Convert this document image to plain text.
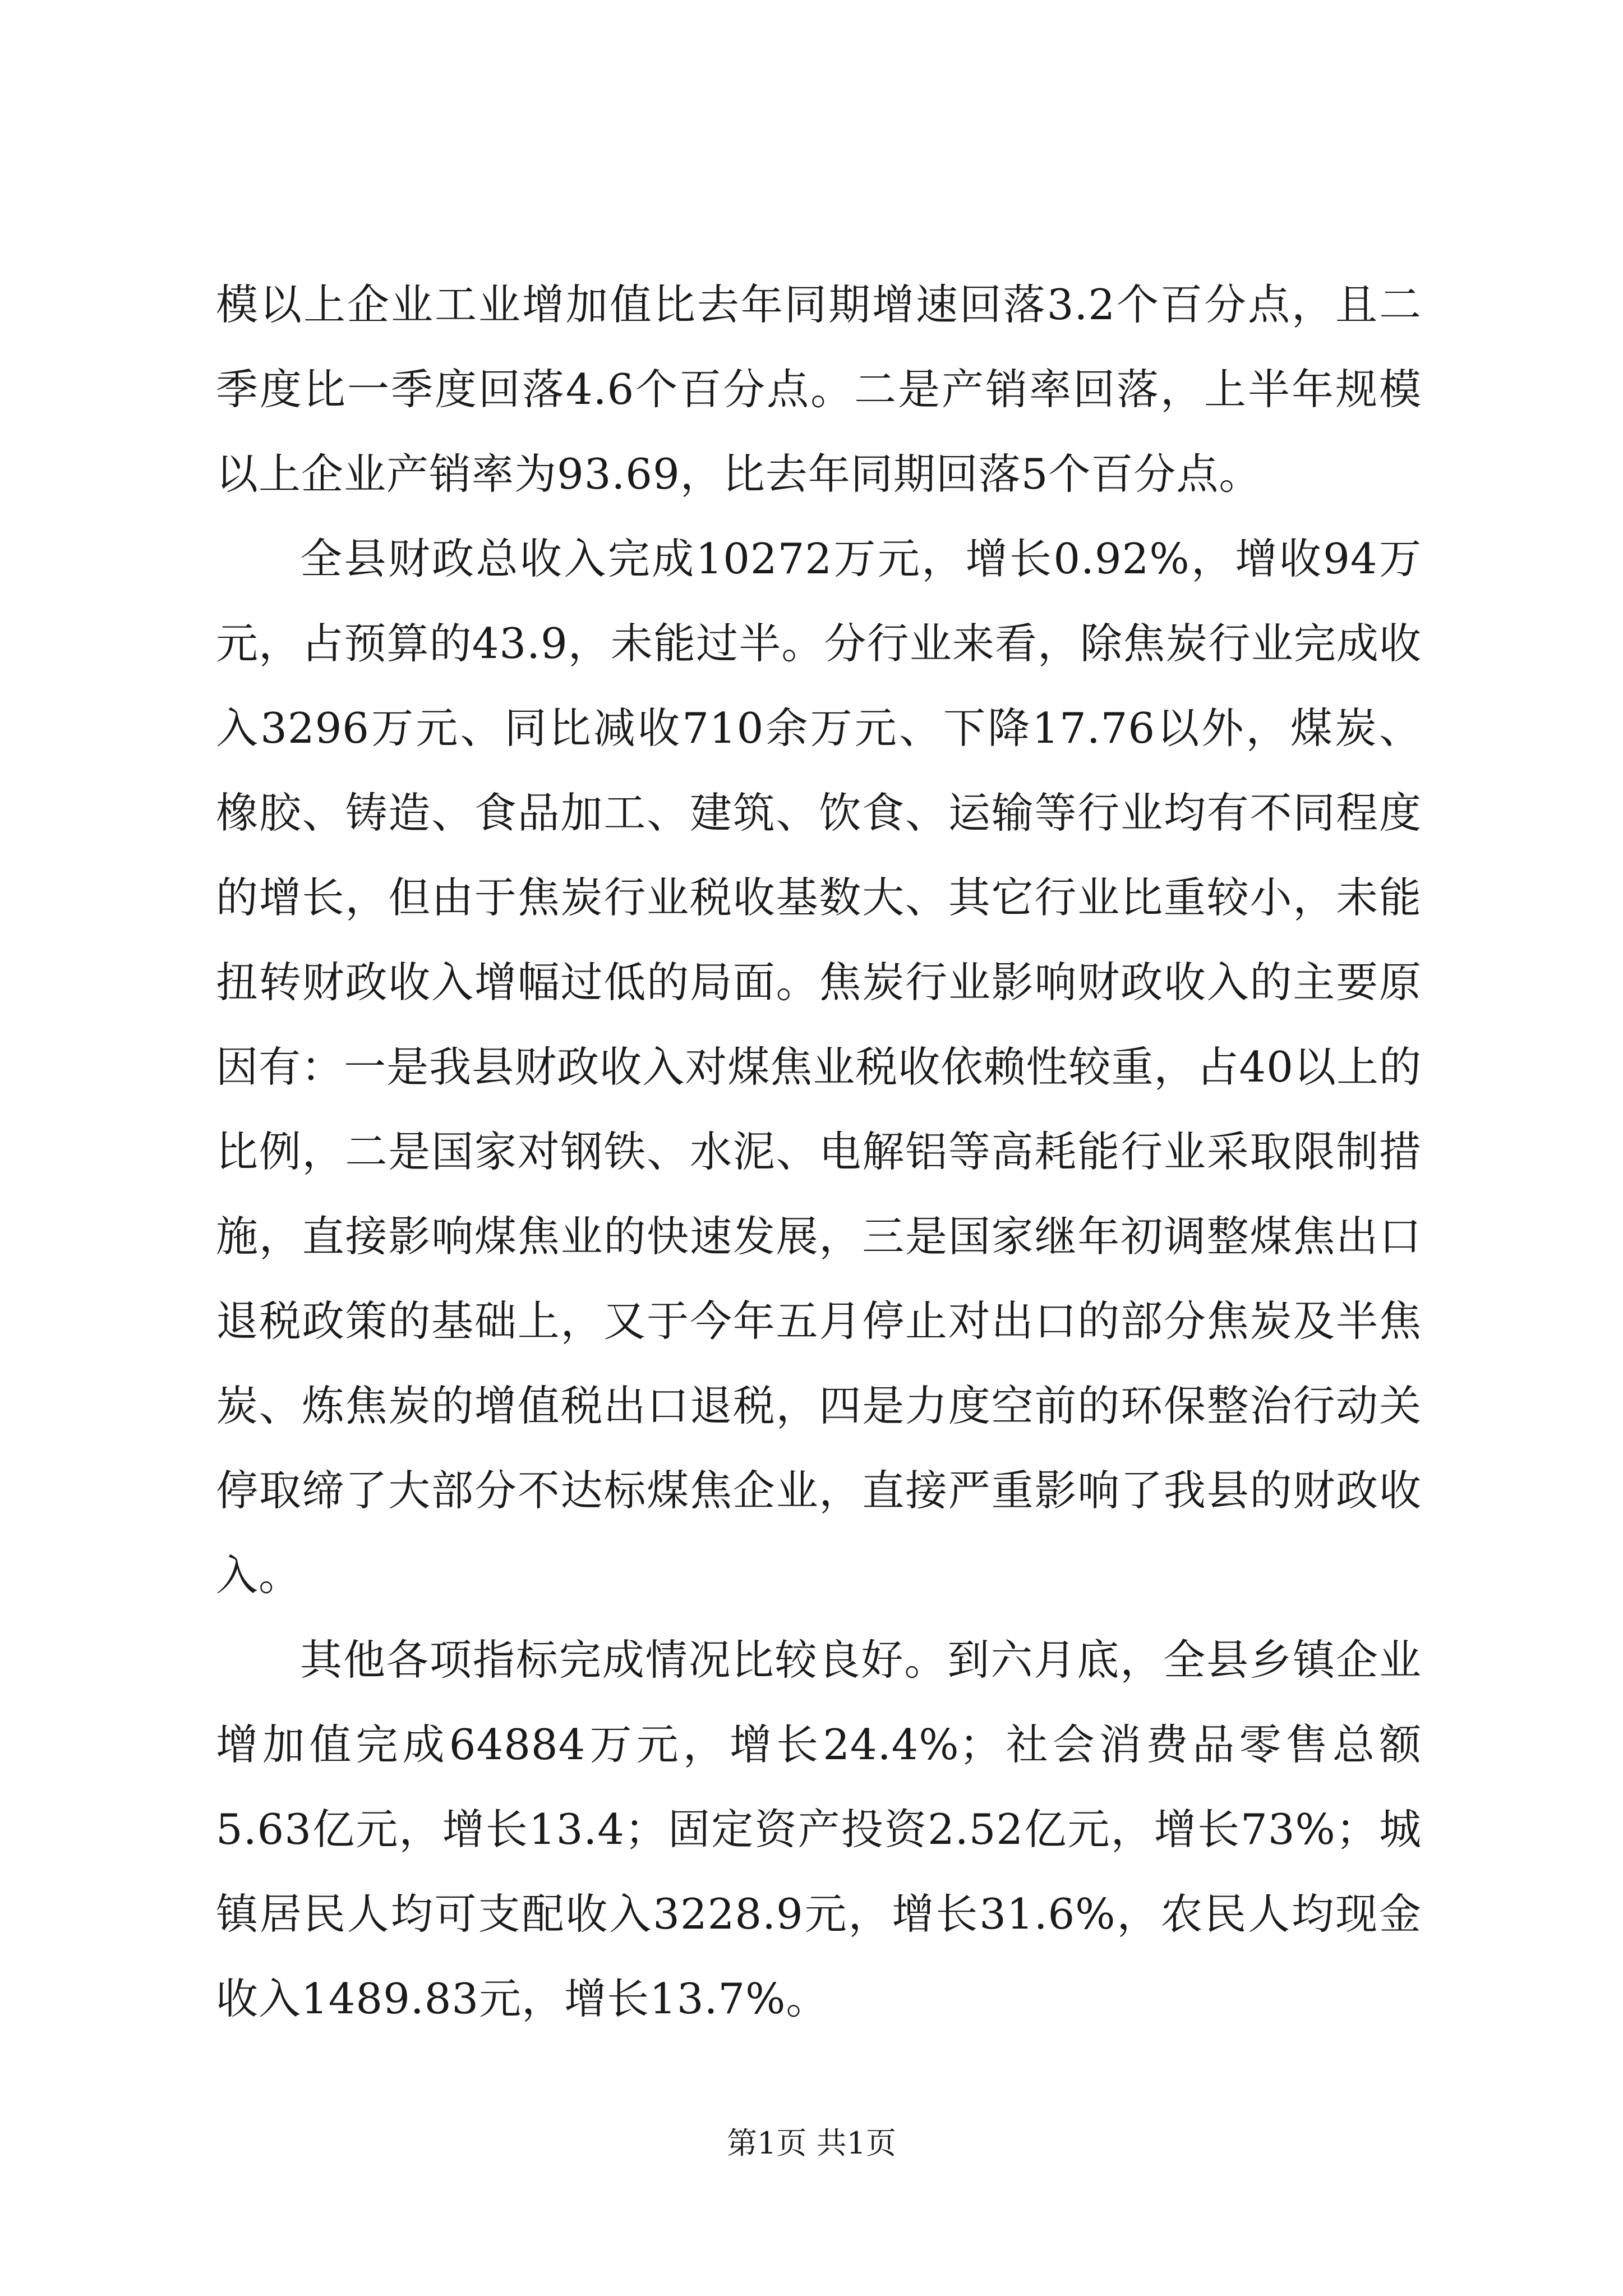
模以上企业工业增加值比去年同期增速回落3.2个百分点，且二季度比一季度回落4.6个百分点。二是产销率回落，上半年规模以上企业产销率为93.69，比去年同期回落5个百分点。

全县财政总收入完成10272万元，增长0.92%，增收94万元，占预算的43.9，未能过半。分行业来看，除焦炭行业完成收入3296万元、同比减收710余万元、下降17.76以外，煤炭、橡胶、铸造、食品加工、建筑、饮食、运输等行业均有不同程度的增长，但由于焦炭行业税收基数大、其它行业比重较小，未能扭转财政收入增幅过低的局面。焦炭行业影响财政收入的主要原因有：一是我县财政收入对煤焦业税收依赖性较重，占40以上的比例，二是国家对钢铁、水泥、电解铝等高耗能行业采取限制措施，直接影响煤焦业的快速发展，三是国家继年初调整煤焦出口退税政策的基础上，又于今年五月停止对出口的部分焦炭及半焦炭、炼焦炭的增值税出口退税，四是力度空前的环保整治行动关停取缔了大部分不达标煤焦企业，直接严重影响了我县的财政收入。

其他各项指标完成情况比较良好。到六月底，全县乡镇企业增加值完成64884万元，增长24.4%；社会消费品零售总额5.63亿元，增长13.4；固定资产投资2.52亿元，增长73%；城镇居民人均可支配收入3228.9元，增长31.6%，农民人均现金收入1489.83元，增长13.7%。

第1页 共1页
